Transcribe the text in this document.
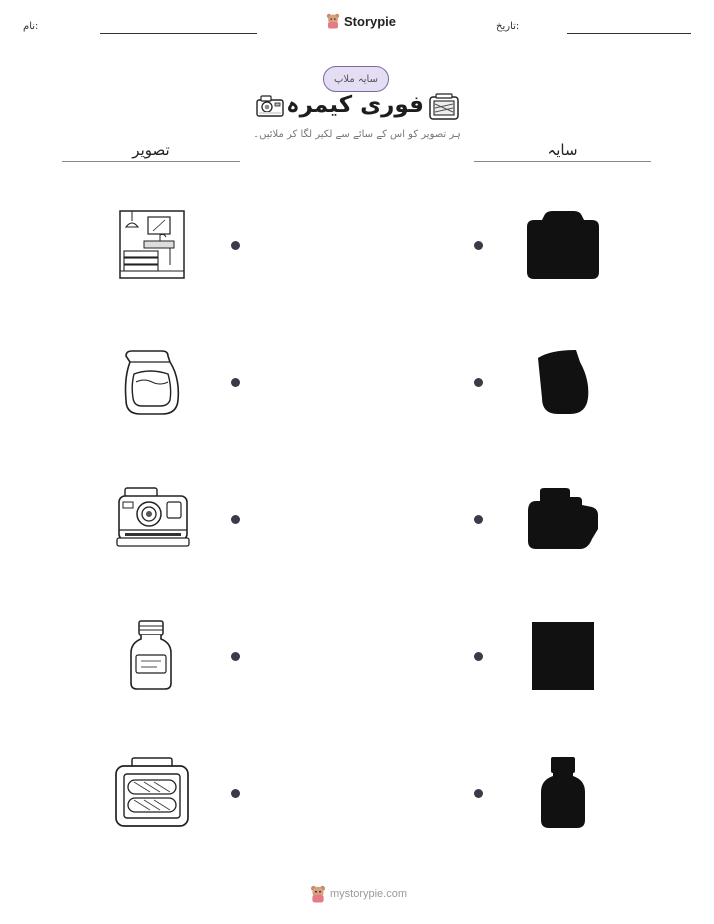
نام:	Storypie	تاریخ:
سایہ ملاپ
فوری کیمرہ
ہر تصویر کو اس کے سائے سے لکیر لگا کر ملائیں۔
تصویر	سایہ
mystorypie.com
